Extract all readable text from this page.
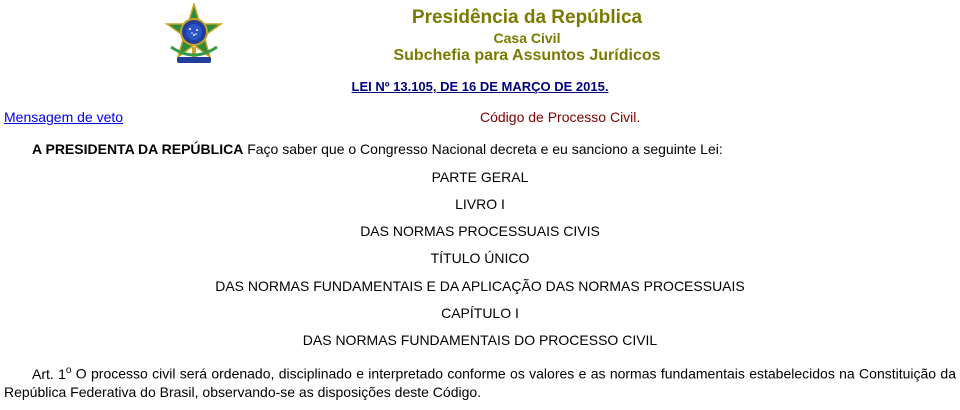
Presidência da República
Casa Civil
Subchefia para Assuntos Jurídicos
LEI Nº 13.105, DE 16 DE MARÇO DE 2015.
Mensagem de veto	Código de Processo Civil.
A PRESIDENTA DA REPÚBLICA Faço saber que o Congresso Nacional decreta e eu sanciono a seguinte Lei:
PARTE GERAL
LIVRO I
DAS NORMAS PROCESSUAIS CIVIS
TÍTULO ÚNICO
DAS NORMAS FUNDAMENTAIS E DA APLICAÇÃO DAS NORMAS PROCESSUAIS
CAPÍTULO I
DAS NORMAS FUNDAMENTAIS DO PROCESSO CIVIL
Art. 1$^o$ O processo civil será ordenado, disciplinado e interpretado conforme os valores e as normas fundamentais estabelecidos na Constituição da República Federativa do Brasil, observando-se as disposições deste Código.
